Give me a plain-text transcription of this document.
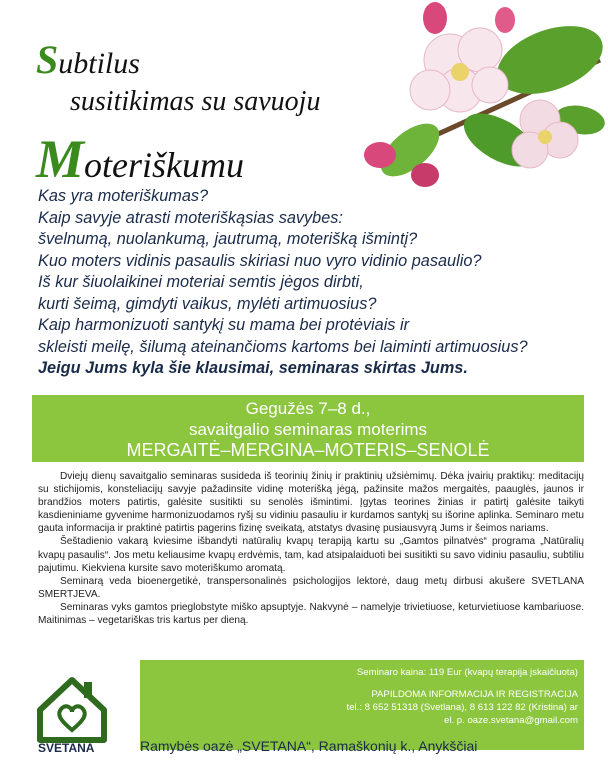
Subtilus
susitikimas su savuoju
Moteriškumu
Kas yra moteriškumas?
Kaip savyje atrasti moteriškąsias savybes:
švelnumą, nuolankumą, jautrumą, moterišką išmintį?
Kuo moters vidinis pasaulis skiriasi nuo vyro vidinio pasaulio?
Iš kur šiuolaikinei moteriai semtis jėgos dirbti,
kurti šeimą, gimdyti vaikus, mylėti artimuosius?
Kaip harmonizuoti santykį su mama bei protėviais ir
skleisti meilę, šilumą ateinančioms kartoms bei laiminti artimuosius?
Jeigu Jums kyla šie klausimai, seminaras skirtas Jums.
Gegužės 7–8 d.,
savaitgalio seminaras moterims
MERGAITĖ–MERGINA–MOTERIS–SENOLĖ

Dviejų dienų savaitgalio seminaras susideda iš teorinių žinių ir praktinių užsiėmimų. Dėka įvairių praktikų: meditacijų su stichijomis, konsteliacijų savyje pažadinsite vidinę moterišką jėgą, pažinsite mažos mergaitės, paauglės, jaunos ir brandžios moters patirtis, galėsite susitikti su senolės išmintimi. Įgytas teorines žinias ir patirtį galėsite taikyti kasdieniniame gyvenime harmonizuodamos ryšį su vidiniu pasauliu ir kurdamos santykį su išorine aplinka. Seminaro metu gauta informacija ir praktinė patirtis pagerins fizinę sveikatą, atstatys dvasinę pusiausvyrą Jums ir šeimos nariams.

Šeštadienio vakarą kviesime išbandyti natūralių kvapų terapiją kartu su „Gamtos pilnatvės“ programa „Natūralių kvapų pasaulis“. Jos metu keliausime kvapų erdvėmis, tam, kad atsipalaiduoti bei susitikti su savo vidiniu pasauliu, subtiliu pajutimu. Kiekviena kursite savo moteriškumo aromatą.

Seminarą veda bioenergetikė, transpersonalinės psichologijos lektorė, daug metų dirbusi akušere SVETLANA SMERTJEVA.

Seminaras vyks gamtos prieglobstyte miško apsuptyje. Nakvynė – namelyje trivietiuose, keturvietiuose kambariuose. Maitinimas – vegetariškas tris kartus per dieną.

Seminaro kaina: 119 Eur (kvapų terapija įskaičiuota)
PAPILDOMA INFORMACIJA IR REGISTRACIJA
tel.: 8 652 51318 (Svetlana), 8 613 122 82 (Kristina) ar
el. p. oaze.svetana@gmail.com
SVETANA	Ramybės oazė „SVETANA“, Ramaškonių k., Anykščiai
